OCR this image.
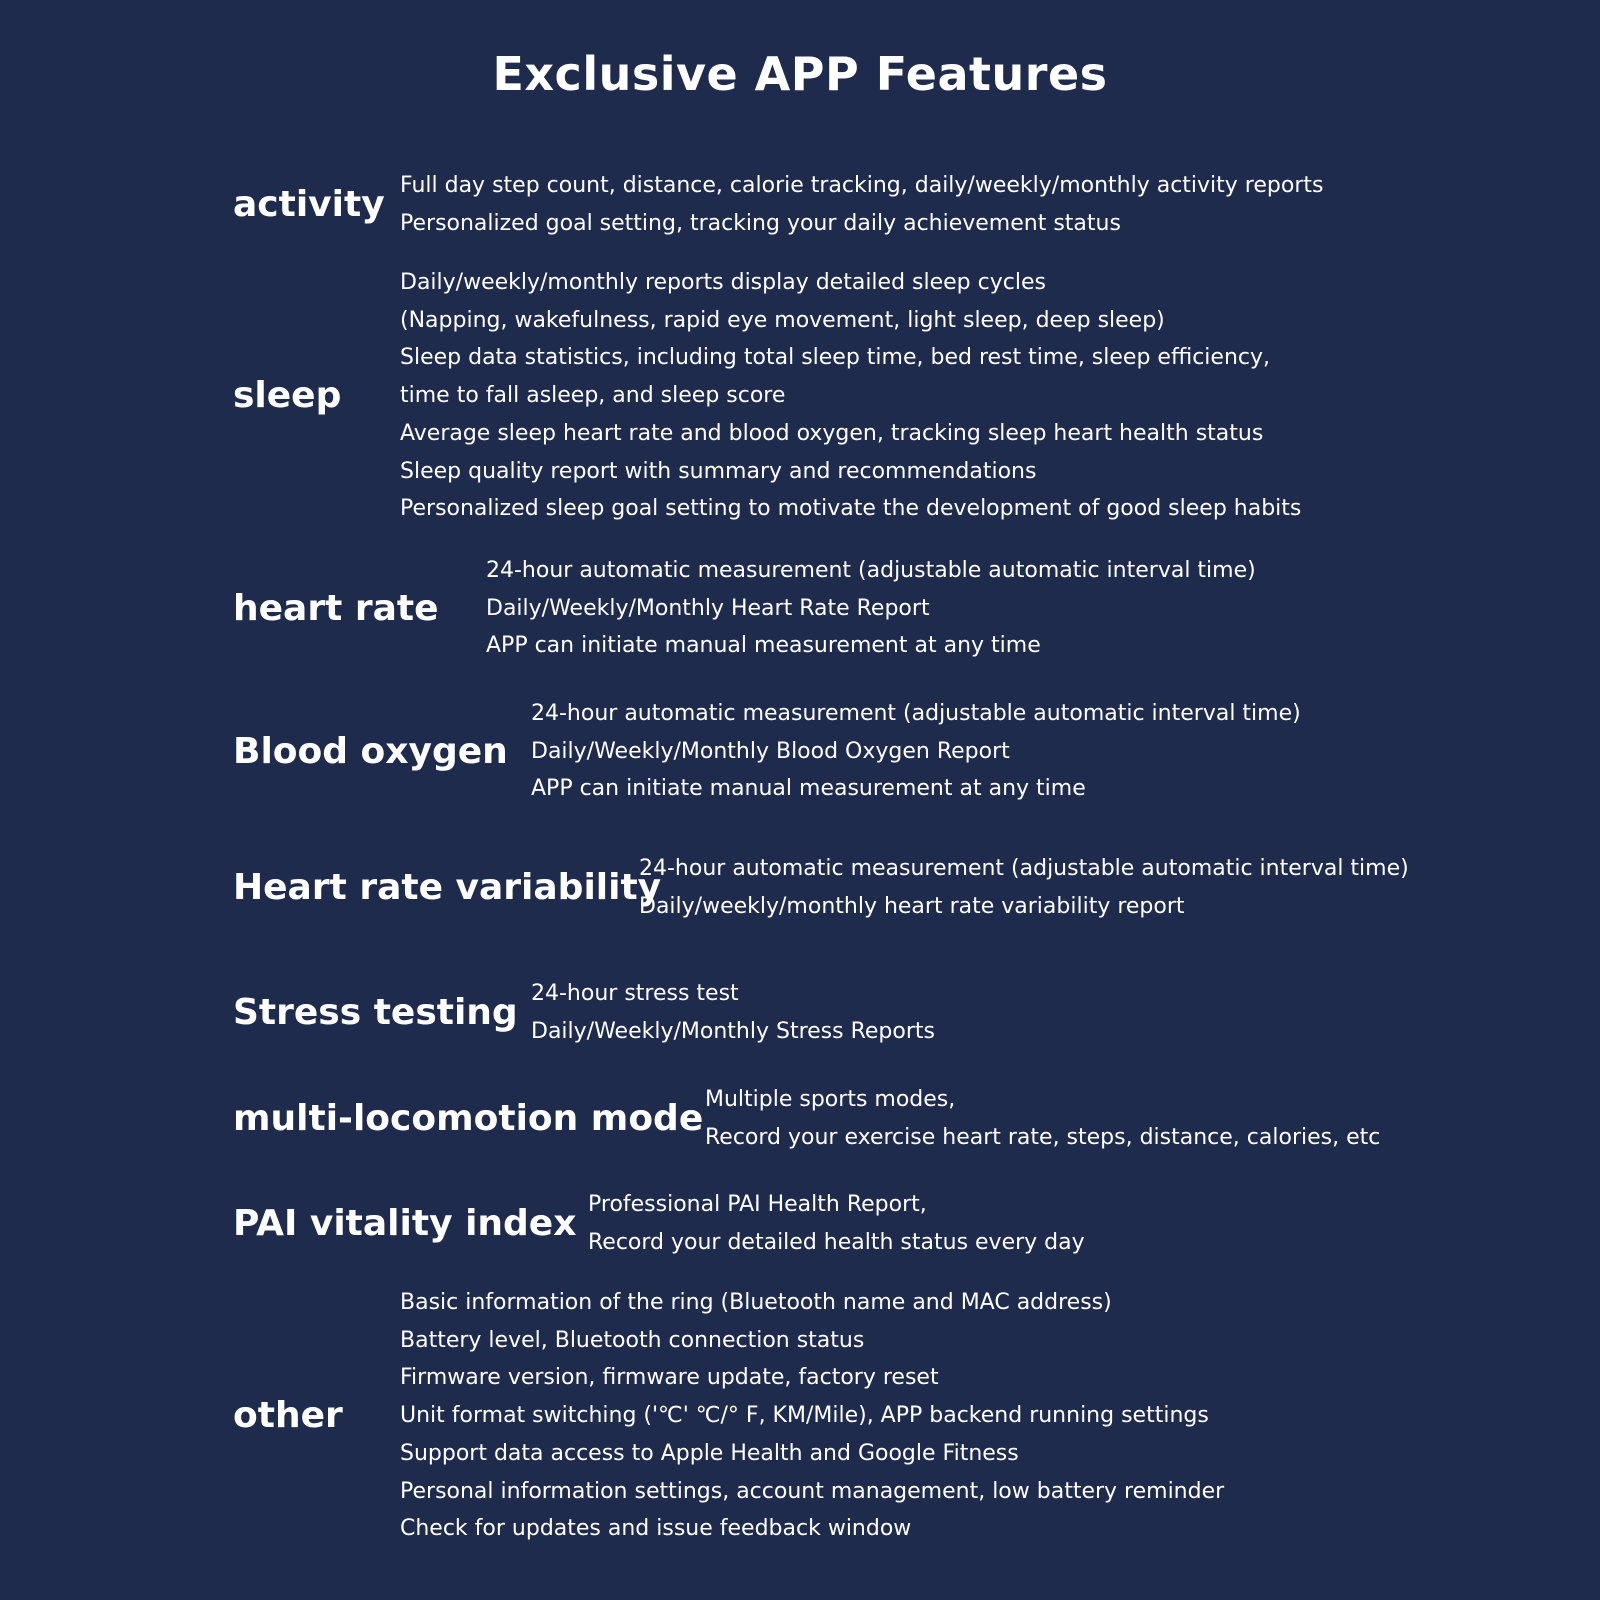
Exclusive APP Features
activity Full day step count, distance, calorie tracking, daily/weekly/monthly activity reports
Personalized goal setting, tracking your daily achievement status
sleep
Daily/weekly/monthly reports display detailed sleep cycles
(Napping, wakefulness, rapid eye movement, light sleep, deep sleep)
Sleep data statistics, including total sleep time, bed rest time, sleep efficiency,
time to fall asleep, and sleep score
Average sleep heart rate and blood oxygen, tracking sleep heart health status
Sleep quality report with summary and recommendations
Personalized sleep goal setting to motivate the development of good sleep habits
heart rate
24-hour automatic measurement (adjustable automatic interval time)
Daily/Weekly/Monthly Heart Rate Report
APP can initiate manual measurement at any time
Blood oxygen
24-hour automatic measurement (adjustable automatic interval time)
Daily/Weekly/Monthly Blood Oxygen Report
APP can initiate manual measurement at any time
Heart rate variability
24-hour automatic measurement (adjustable automatic interval time)
Daily/weekly/monthly heart rate variability report
Stress testing 24-hour stress test
Daily/Weekly/Monthly Stress Reports
multi-locomotion mode Multiple sports modes,
Record your exercise heart rate, steps, distance, calories, etc
PAI vitality index Professional PAI Health Report,
Record your detailed health status every day
other
Basic information of the ring (Bluetooth name and MAC address)
Battery level, Bluetooth connection status
Firmware version, firmware update, factory reset
Unit format switching ('℃' ℃/° F, KM/Mile), APP backend running settings
Support data access to Apple Health and Google Fitness
Personal information settings, account management, low battery reminder
Check for updates and issue feedback window
